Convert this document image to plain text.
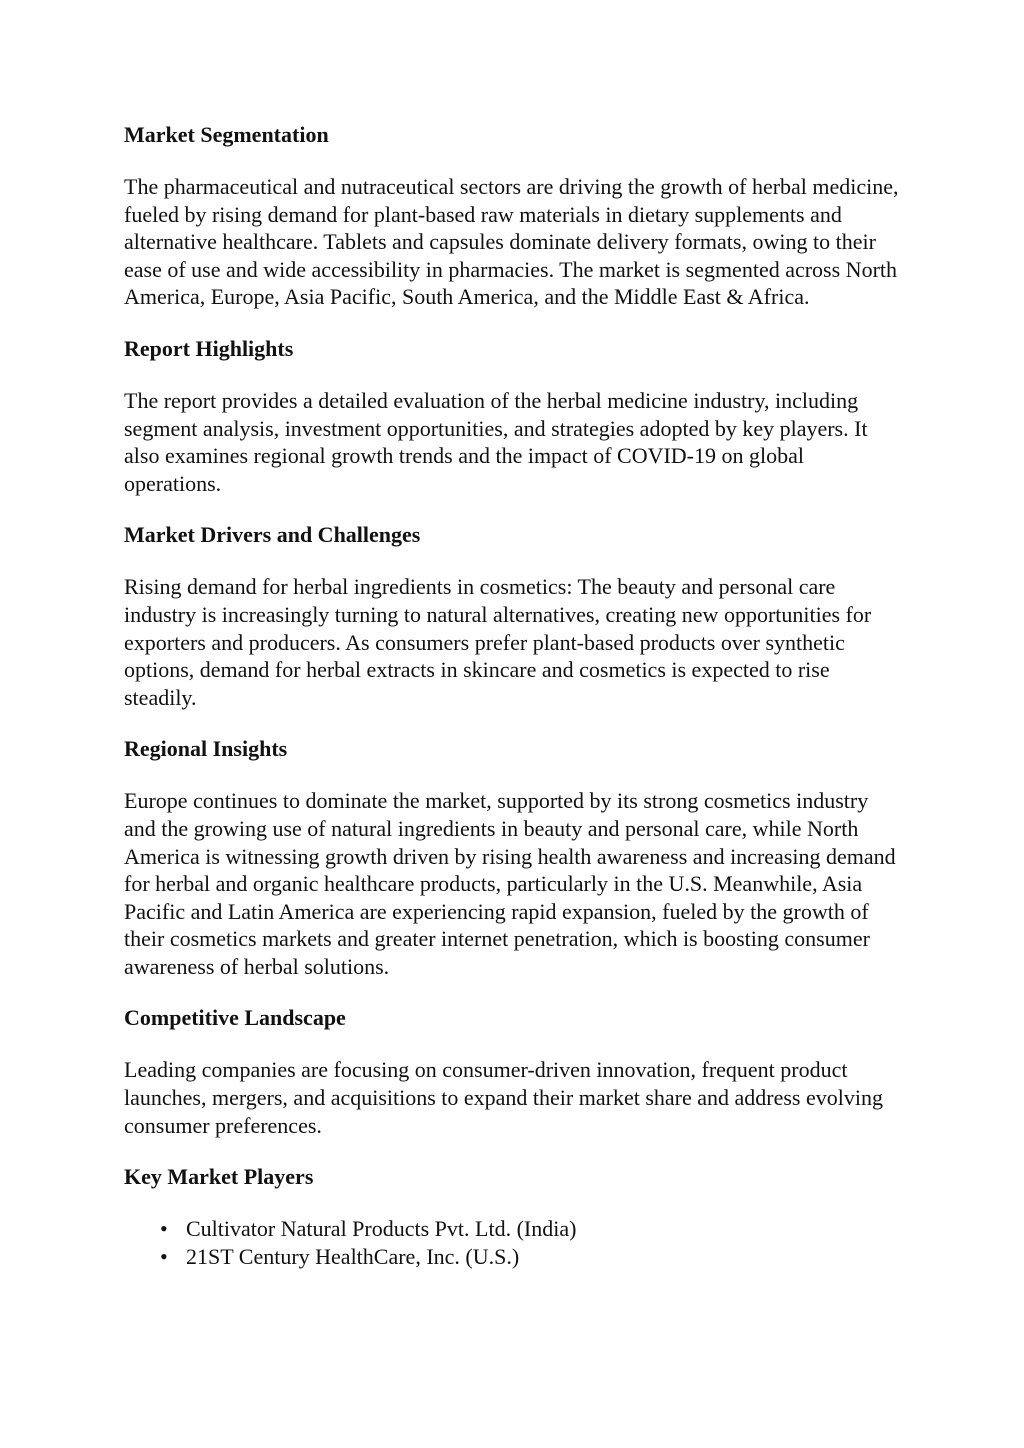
Market Segmentation

The pharmaceutical and nutraceutical sectors are driving the growth of herbal medicine, fueled by rising demand for plant-based raw materials in dietary supplements and alternative healthcare. Tablets and capsules dominate delivery formats, owing to their ease of use and wide accessibility in pharmacies. The market is segmented across North America, Europe, Asia Pacific, South America, and the Middle East & Africa.

Report Highlights

The report provides a detailed evaluation of the herbal medicine industry, including segment analysis, investment opportunities, and strategies adopted by key players. It also examines regional growth trends and the impact of COVID-19 on global operations.

Market Drivers and Challenges

Rising demand for herbal ingredients in cosmetics: The beauty and personal care industry is increasingly turning to natural alternatives, creating new opportunities for exporters and producers. As consumers prefer plant-based products over synthetic options, demand for herbal extracts in skincare and cosmetics is expected to rise steadily.

Regional Insights

Europe continues to dominate the market, supported by its strong cosmetics industry and the growing use of natural ingredients in beauty and personal care, while North America is witnessing growth driven by rising health awareness and increasing demand for herbal and organic healthcare products, particularly in the U.S. Meanwhile, Asia Pacific and Latin America are experiencing rapid expansion, fueled by the growth of their cosmetics markets and greater internet penetration, which is boosting consumer awareness of herbal solutions.

Competitive Landscape

Leading companies are focusing on consumer-driven innovation, frequent product launches, mergers, and acquisitions to expand their market share and address evolving consumer preferences.

Key Market Players
• Cultivator Natural Products Pvt. Ltd. (India)
• 21ST Century HealthCare, Inc. (U.S.)
